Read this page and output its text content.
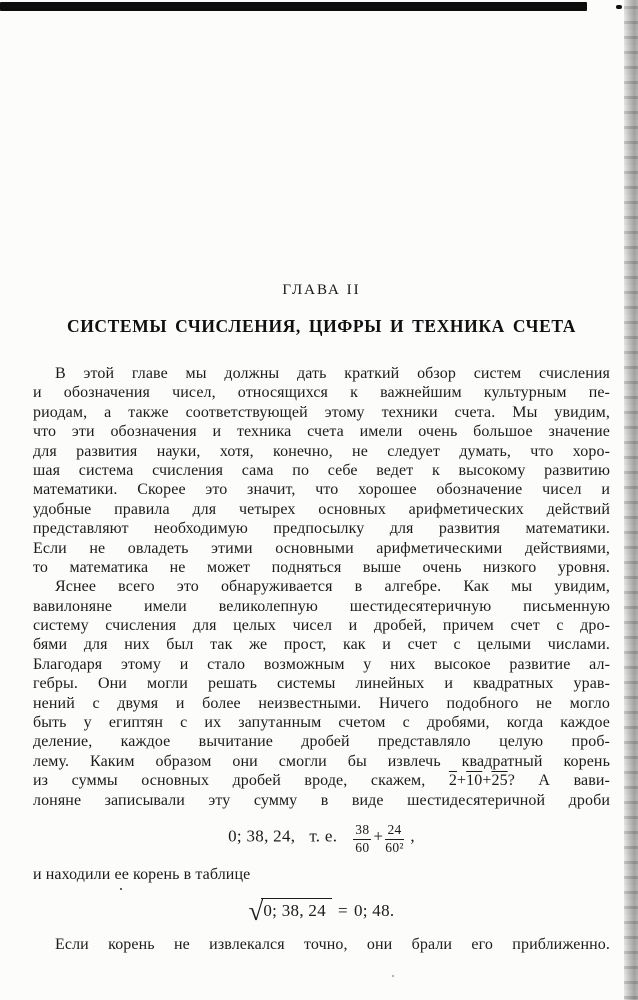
ГЛАВА II
СИСТЕМЫ СЧИСЛЕНИЯ, ЦИФРЫ И ТЕХНИКА СЧЕТА
В этой главе мы должны дать краткий обзор систем счисления
и обозначения чисел, относящихся к важнейшим культурным пе-
риодам, а также соответствующей этому техники счета. Мы увидим,
что эти обозначения и техника счета имели очень большое значение
для развития науки, хотя, конечно, не следует думать, что хоро-
шая система счисления сама по себе ведет к высокому развитию
математики. Скорее это значит, что хорошее обозначение чисел и
удобные правила для четырех основных арифметических действий
представляют необходимую предпосылку для развития математики.
Если не овладеть этими основными арифметическими действиями,
то математика не может подняться выше очень низкого уровня.
Яснее всего это обнаруживается в алгебре. Как мы увидим,
вавилоняне имели великолепную шестидесятеричную письменную
систему счисления для целых чисел и дробей, причем счет с дро-
бями для них был так же прост, как и счет с целыми числами.
Благодаря этому и стало возможным у них высокое развитие ал-
гебры. Они могли решать системы линейных и квадратных урав-
нений с двумя и более неизвестными. Ничего подобного не могло
быть у египтян с их запутанным счетом с дробями, когда каждое
деление, каждое вычитание дробей представляло целую проб-
лему. Каким образом они смогли бы извлечь квадратный корень
из суммы основных дробей вроде, скажем, 2+10+25? А вави-
лоняне записывали эту сумму в виде шестидесятеричной дроби
0; 38, 24, т. е. $\frac{38}{60} + \frac{24}{\text{60²}}$ ,
и находили ее корень в таблице
√0; 38, 24 = 0; 48.
Если корень не извлекался точно, они брали его приближенно.
